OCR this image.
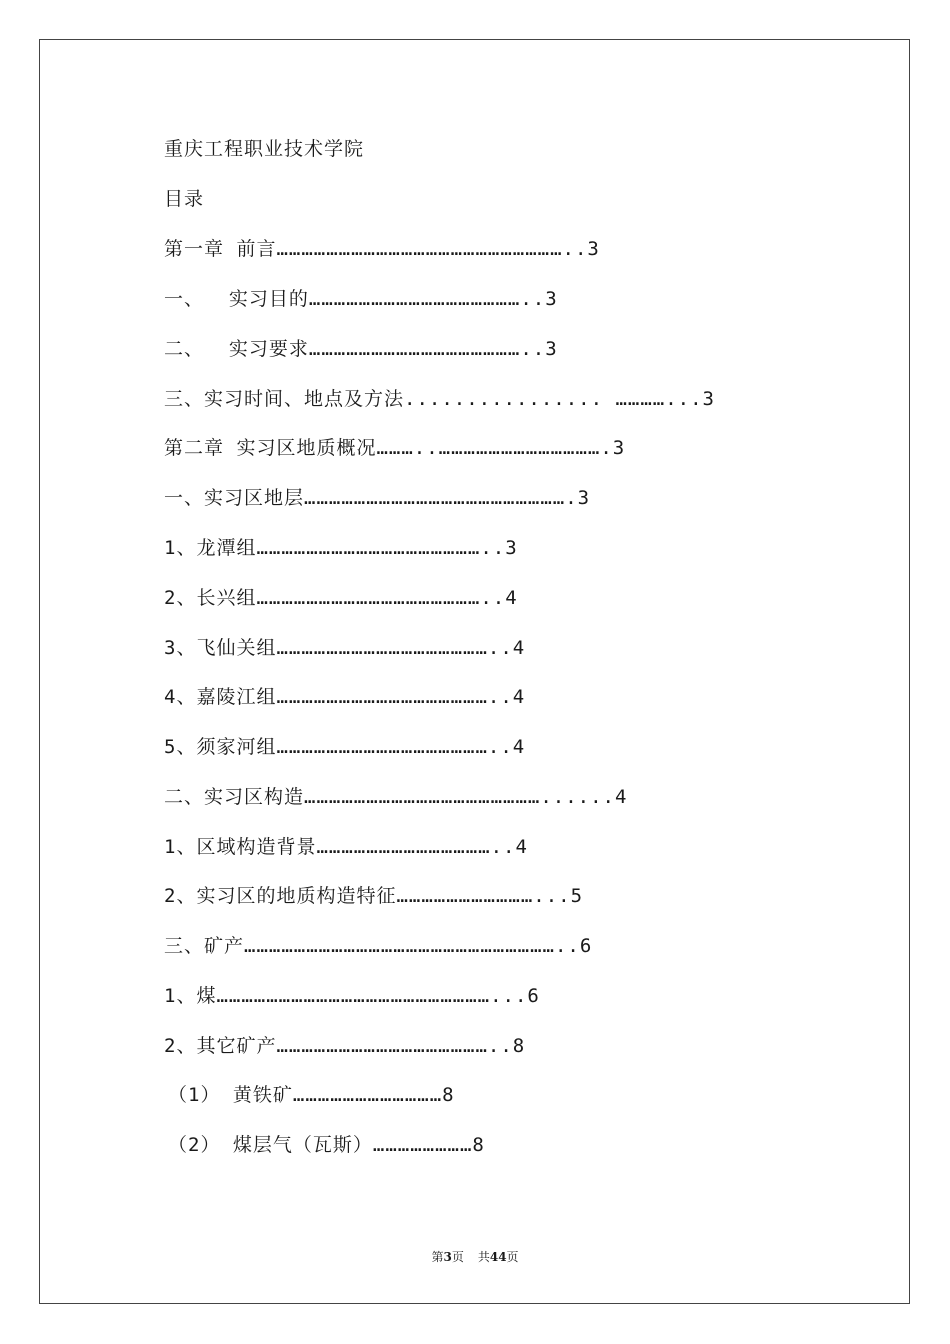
重庆工程职业技术学院
目录
第一章 前言……………………………………………………………..3
一、  实习目的……………………………………………..3
二、  实习要求……………………………………………..3
三、实习时间、地点及方法................ …………...3
第二章 实习区地质概况………..………………………………….3
一、实习区地层……………………………………………………….3
1、龙潭组………………………………………………..3
2、长兴组………………………………………………..4
3、飞仙关组……………………………………………..4
4、嘉陵江组……………………………………………..4
5、须家河组……………………………………………..4
二、实习区构造…………………………………………………......4
1、区域构造背景……………………………………..4
2、实习区的地质构造特征……………………………...5
三、矿产…………………………………………………………………..6
1、煤…………………………………………………………...6
2、其它矿产……………………………………………..8
（1） 黄铁矿………………………………8
（2） 煤层气（瓦斯）……………………8
第3页 共44页
